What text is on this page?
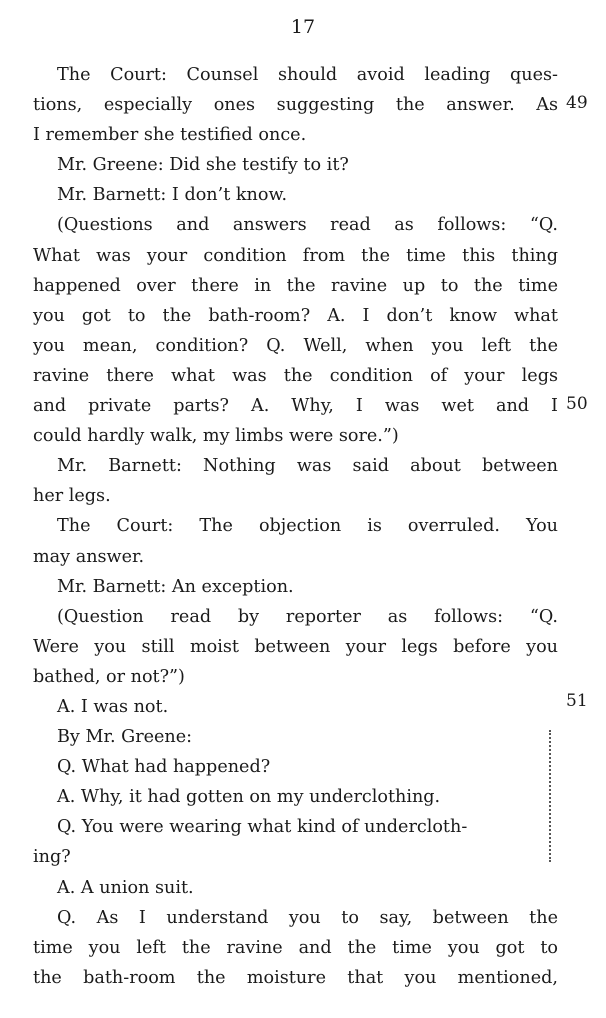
17
The Court: Counsel should avoid leading ques-
tions, especially ones suggesting the answer. As
I remember she testified once.
Mr. Greene: Did she testify to it?
Mr. Barnett: I don’t know.
(Questions and answers read as follows: “Q.
What was your condition from the time this thing
happened over there in the ravine up to the time
you got to the bath-room? A. I don’t know what
you mean, condition? Q. Well, when you left the
ravine there what was the condition of your legs
and private parts? A. Why, I was wet and I
could hardly walk, my limbs were sore.”)
Mr. Barnett: Nothing was said about between
her legs.
The Court: The objection is overruled. You
may answer.
Mr. Barnett: An exception.
(Question read by reporter as follows: “Q.
Were you still moist between your legs before you
bathed, or not?”)
A. I was not.
By Mr. Greene:
Q. What had happened?
A. Why, it had gotten on my underclothing.
Q. You were wearing what kind of undercloth-
ing?
A. A union suit.
Q. As I understand you to say, between the
time you left the ravine and the time you got to
the bath-room the moisture that you mentioned,
49
50
51
